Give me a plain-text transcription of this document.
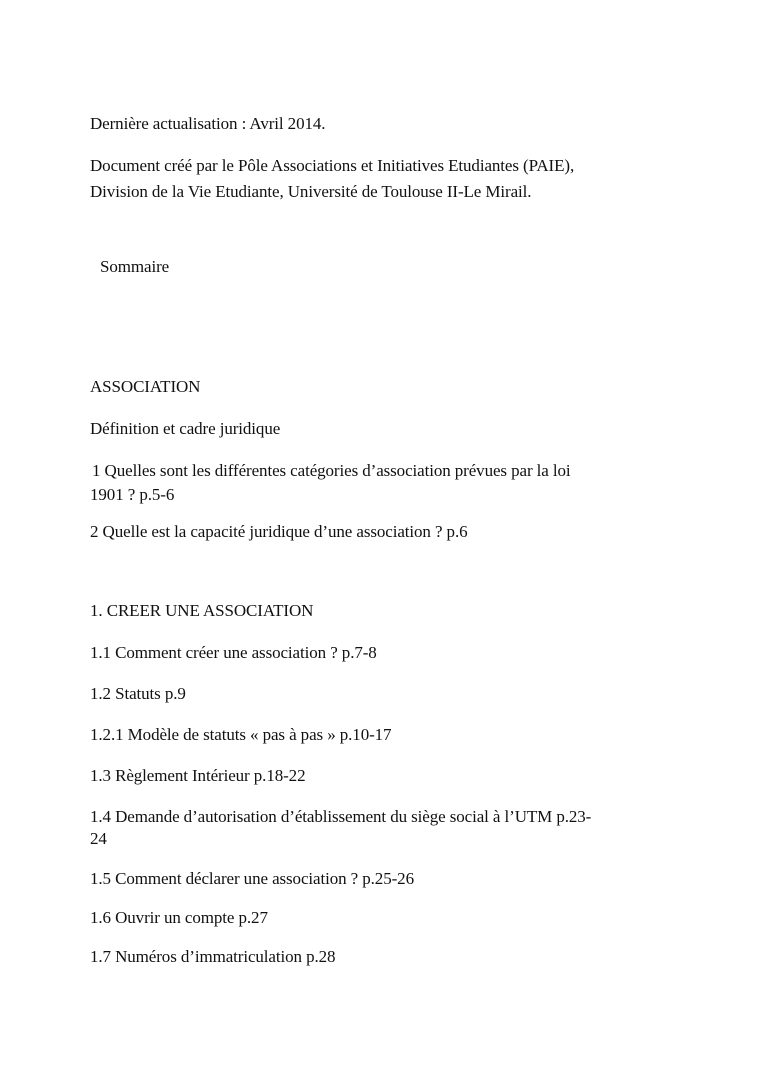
Dernière actualisation : Avril 2014.
Document créé par le Pôle Associations et Initiatives Etudiantes (PAIE),
Division de la Vie Etudiante, Université de Toulouse II-Le Mirail.
Sommaire
ASSOCIATION
Définition et cadre juridique
1 Quelles sont les différentes catégories d’association prévues par la loi
1901 ? p.5-6
2 Quelle est la capacité juridique d’une association ? p.6
1. CREER UNE ASSOCIATION
1.1 Comment créer une association ? p.7-8
1.2 Statuts p.9
1.2.1 Modèle de statuts « pas à pas » p.10-17
1.3 Règlement Intérieur p.18-22
1.4 Demande d’autorisation d’établissement du siège social à l’UTM p.23-
24
1.5 Comment déclarer une association ? p.25-26
1.6 Ouvrir un compte p.27
1.7 Numéros d’immatriculation p.28
